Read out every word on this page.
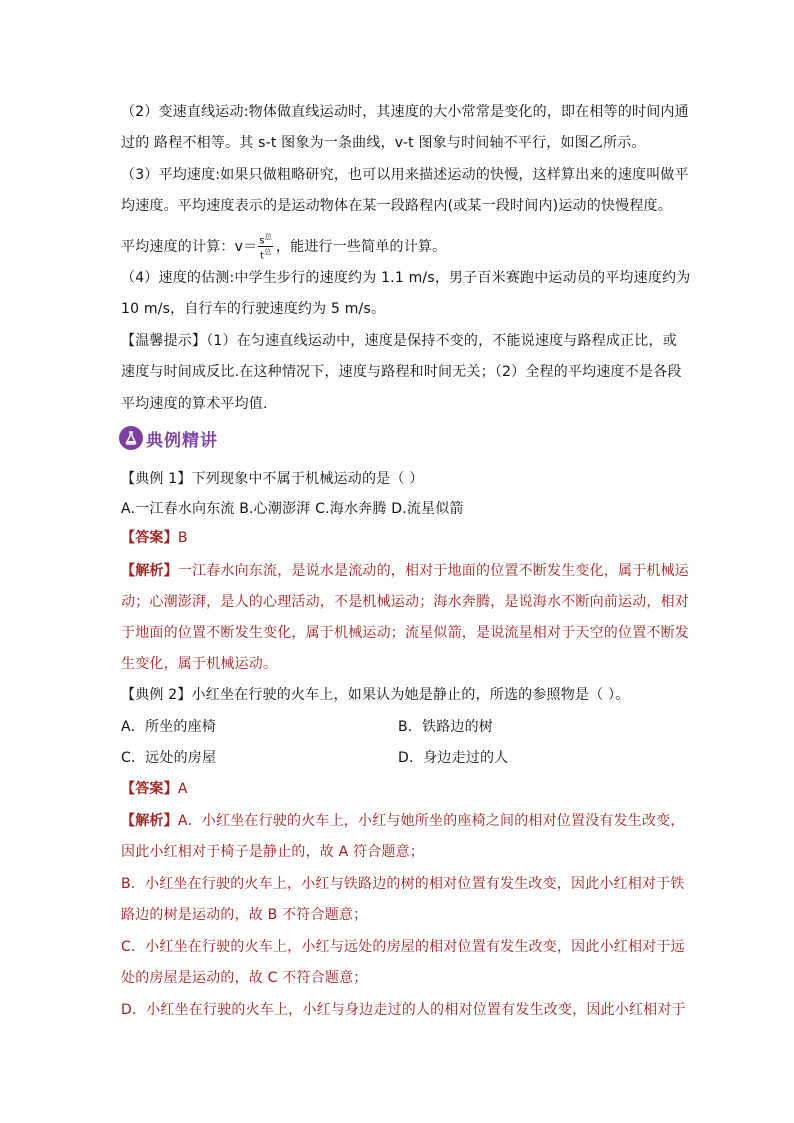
（2）变速直线运动:物体做直线运动时，其速度的大小常常是变化的，即在相等的时间内通
过的 路程不相等。其 s-t 图象为一条曲线，v-t 图象与时间轴不平行，如图乙所示。
（3）平均速度:如果只做粗略研究，也可以用来描述运动的快慢，这样算出来的速度叫做平
均速度。平均速度表示的是运动物体在某一段路程内(或某一段时间内)运动的快慢程度。
平均速度的计算：$v= \frac{s^总}{t^总}$ ，能进行一些简单的计算。
（4）速度的估测:中学生步行的速度约为 1.1 m/s，男子百米赛跑中运动员的平均速度约为
10 m/s，自行车的行驶速度约为 5 m/s。
【温馨提示】（1）在匀速直线运动中，速度是保持不变的，不能说速度与路程成正比，或
速度与时间成反比.在这种情况下，速度与路程和时间无关；（2）全程的平均速度不是各段
平均速度的算术平均值.
典例精讲
【典例 1】下列现象中不属于机械运动的是（ ）
A.一江春水向东流 B.心潮澎湃 C.海水奔腾 D.流星似箭
【答案】B
【解析】一江春水向东流，是说水是流动的，相对于地面的位置不断发生变化，属于机械运
动；心潮澎湃，是人的心理活动，不是机械运动；海水奔腾，是说海水不断向前运动，相对
于地面的位置不断发生变化，属于机械运动；流星似箭，是说流星相对于天空的位置不断发
生变化，属于机械运动。
【典例 2】小红坐在行驶的火车上，如果认为她是静止的，所选的参照物是（ ）。
A．所坐的座椅	B．铁路边的树
C．远处的房屋	D．身边走过的人
【答案】A
【解析】A．小红坐在行驶的火车上，小红与她所坐的座椅之间的相对位置没有发生改变，
因此小红相对于椅子是静止的，故 A 符合题意；
B．小红坐在行驶的火车上，小红与铁路边的树的相对位置有发生改变，因此小红相对于铁
路边的树是运动的，故 B 不符合题意；
C．小红坐在行驶的火车上，小红与远处的房屋的相对位置有发生改变，因此小红相对于远
处的房屋是运动的，故 C 不符合题意；
D．小红坐在行驶的火车上，小红与身边走过的人的相对位置有发生改变，因此小红相对于
